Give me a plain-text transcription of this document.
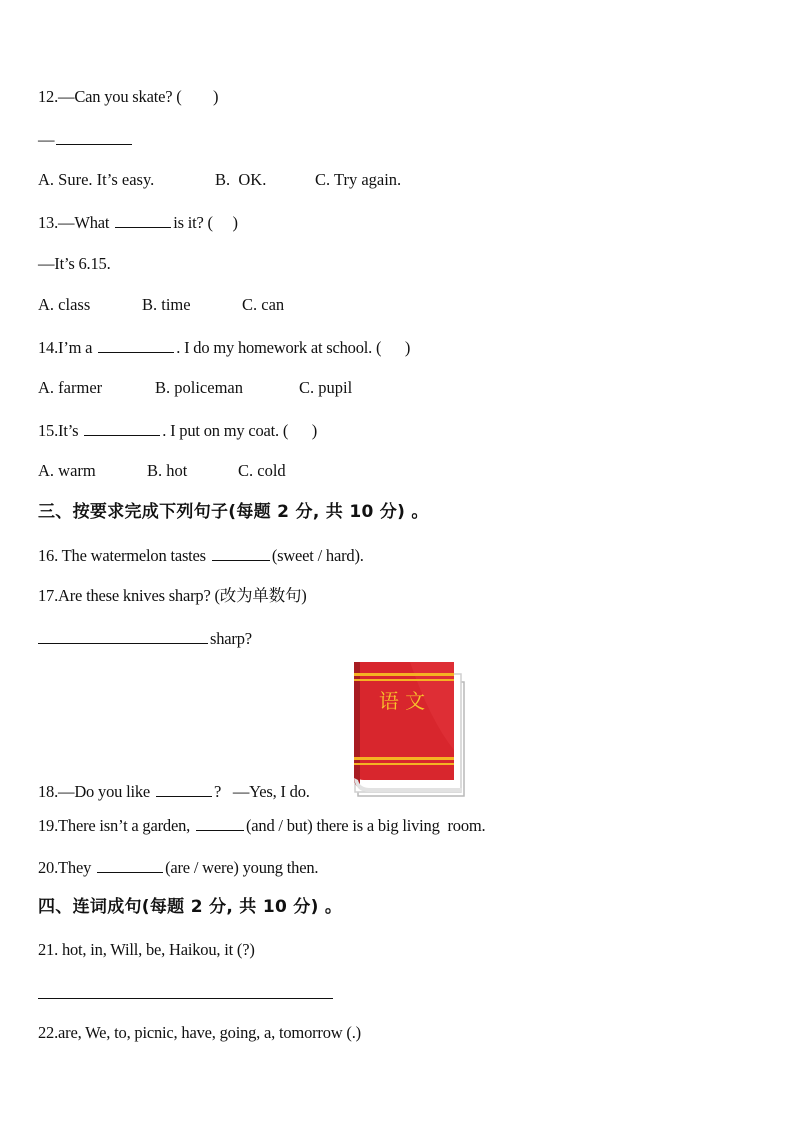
12.—Can you skate? (        )
—
A. Sure. It’s easy.	B.  OK.	C. Try again.
13.—What	is it? (     )
—It’s 6.15.
A. class	B. time	C. can
14.I’m a	. I do my homework at school. (      )
A. farmer	B. policeman	C. pupil
15.It’s	. I put on my coat. (      )
A. warm	B. hot	C. cold
三、按要求完成下列句子(每题 2 分, 共 10 分) 。
16. The watermelon tastes	(sweet / hard).
17.Are these knives sharp? (改为单数句)
sharp?
语 文
18.—Do you like	?   —Yes, I do.
19.There isn’t a garden,	(and / but) there is a big living  room.
20.They	(are / were) young then.
四、连词成句(每题 2 分, 共 10 分) 。
21. hot, in, Will, be, Haikou, it (?)
22.are, We, to, picnic, have, going, a, tomorrow (.)
